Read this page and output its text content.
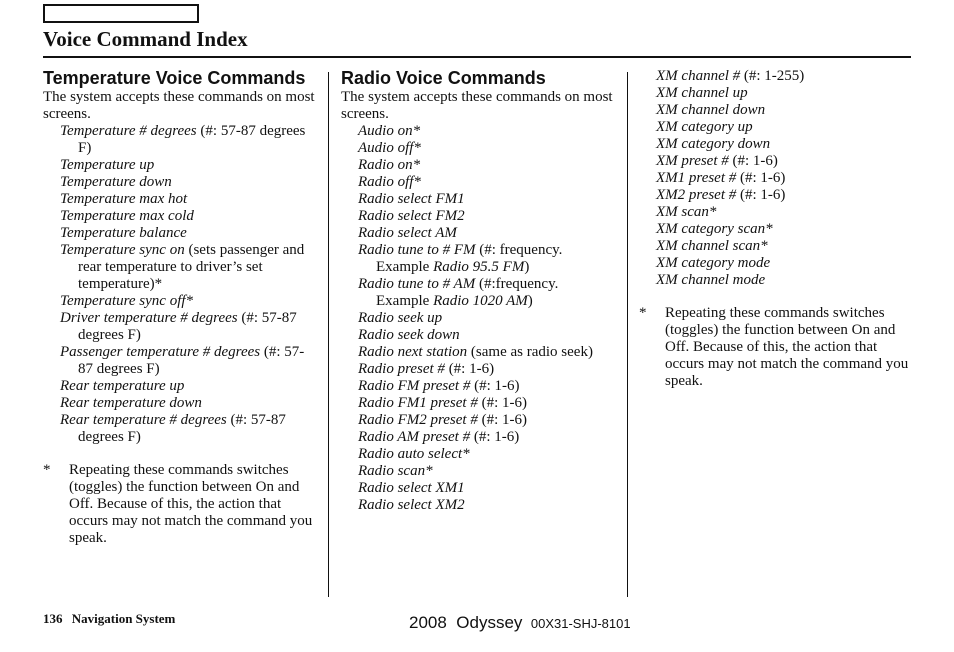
Voice Command Index
Temperature Voice Commands

The system accepts these commands on most screens.

Temperature # degrees (#: 57-87 degrees F)
Temperature up
Temperature down
Temperature max hot
Temperature max cold
Temperature balance
Temperature sync on (sets passenger and rear temperature to driver’s set temperature)*
Temperature sync off*
Driver temperature # degrees (#: 57-87 degrees F)
Passenger temperature # degrees (#: 57-87 degrees F)
Rear temperature up
Rear temperature down
Rear temperature # degrees (#: 57-87 degrees F)
*	Repeating these commands switches (toggles) the function between On and Off. Because of this, the action that occurs may not match the command you speak.
Radio Voice Commands

The system accepts these commands on most screens.

Audio on*
Audio off*
Radio on*
Radio off*
Radio select FM1
Radio select FM2
Radio select AM
Radio tune to # FM (#: frequency. Example Radio 95.5 FM)
Radio tune to # AM (#:frequency. Example Radio 1020 AM)
Radio seek up
Radio seek down
Radio next station (same as radio seek)
Radio preset # (#: 1-6)
Radio FM preset # (#: 1-6)
Radio FM1 preset # (#: 1-6)
Radio FM2 preset # (#: 1-6)
Radio AM preset # (#: 1-6)
Radio auto select*
Radio scan*
Radio select XM1
Radio select XM2
XM channel # (#: 1-255)
XM channel up
XM channel down
XM category up
XM category down
XM preset # (#: 1-6)
XM1 preset # (#: 1-6)
XM2 preset # (#: 1-6)
XM scan*
XM category scan*
XM channel scan*
XM category mode
XM channel mode
*	Repeating these commands switches (toggles) the function between On and Off. Because of this, the action that occurs may not match the command you speak.
136 Navigation System	2008  Odyssey 00X31-SHJ-8101
